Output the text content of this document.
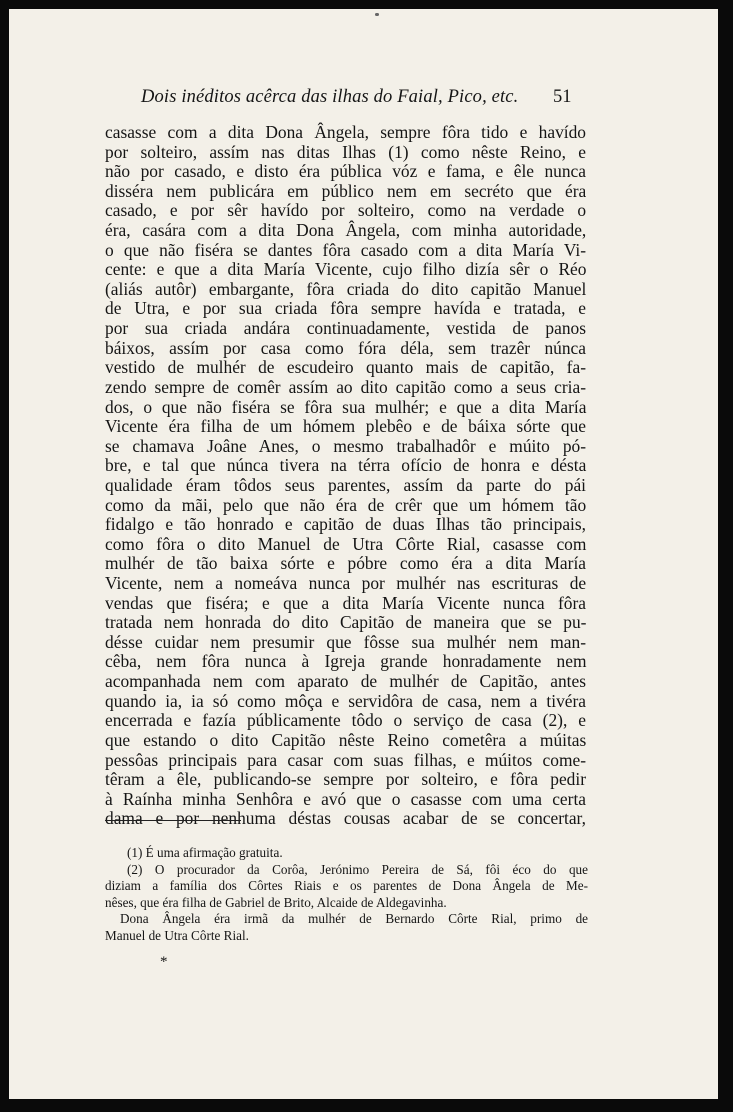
Dois inéditos acêrca das ilhas do Faial, Pico, etc. 51
casasse com a dita Dona Ângela, sempre fôra tido e havído
por solteiro, assím nas ditas Ilhas (1) como nêste Reino, e
não por casado, e disto éra pública vóz e fama, e êle nunca
disséra nem publicára em público nem em secréto que éra
casado, e por sêr havído por solteiro, como na verdade o
éra, casára com a dita Dona Ângela, com minha autoridade,
o que não fiséra se dantes fôra casado com a dita María Vi-
cente: e que a dita María Vicente, cujo filho dizía sêr o Réo
(aliás autôr) embargante, fôra criada do dito capitão Manuel
de Utra, e por sua criada fôra sempre havída e tratada, e
por sua criada andára continuadamente, vestida de panos
báixos, assím por casa como fóra déla, sem trazêr núnca
vestido de mulhér de escudeiro quanto mais de capitão, fa-
zendo sempre de comêr assím ao dito capitão como a seus cria-
dos, o que não fiséra se fôra sua mulhér; e que a dita María
Vicente éra filha de um hómem plebêo e de báixa sórte que
se chamava Joâne Anes, o mesmo trabalhadôr e múito pó-
bre, e tal que núnca tivera na térra ofício de honra e désta
qualidade éram tôdos seus parentes, assím da parte do pái
como da mãi, pelo que não éra de crêr que um hómem tão
fidalgo e tão honrado e capitão de duas Ilhas tão principais,
como fôra o dito Manuel de Utra Côrte Rial, casasse com
mulhér de tão baixa sórte e póbre como éra a dita María
Vicente, nem a nomeáva nunca por mulhér nas escrituras de
vendas que fiséra; e que a dita María Vicente nunca fôra
tratada nem honrada do dito Capitão de maneira que se pu-
désse cuidar nem presumir que fôsse sua mulhér nem man-
cêba, nem fôra nunca à Igreja grande honradamente nem
acompanhada nem com aparato de mulhér de Capitão, antes
quando ia, ia só como môça e servidôra de casa, nem a tivéra
encerrada e fazía públicamente tôdo o serviço de casa (2), e
que estando o dito Capitão nêste Reino cometêra a múitas
pessôas principais para casar com suas filhas, e múitos come-
têram a êle, publicando-se sempre por solteiro, e fôra pedir
à Raínha minha Senhôra e avó que o casasse com uma certa
dama e por nenhuma déstas cousas acabar de se concertar,
(1) É uma afirmação gratuita.
(2) O procurador da Corôa, Jerónimo Pereira de Sá, fôi éco do que
diziam a família dos Côrtes Riais e os parentes de Dona Ângela de Me-
nêses, que éra filha de Gabriel de Brito, Alcaide de Aldegavinha.
Dona Ângela éra irmã da mulhér de Bernardo Côrte Rial, primo de
Manuel de Utra Côrte Rial.
*
